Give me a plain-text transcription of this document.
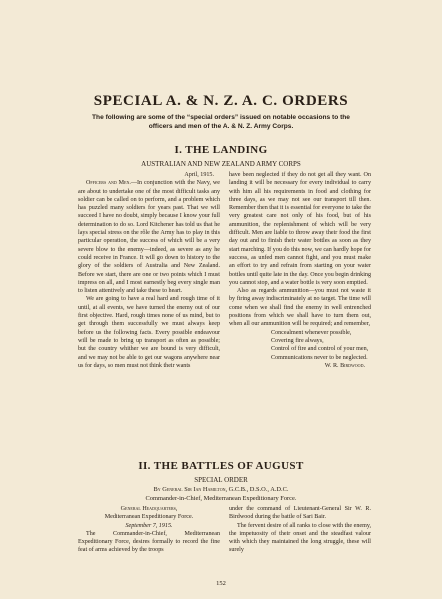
SPECIAL A. & N. Z. A. C. ORDERS

The following are some of the “special orders” issued on notable occasions to the officers and men of the A. & N. Z. Army Corps.

I. THE LANDING
AUSTRALIAN AND NEW ZEALAND ARMY CORPS

April, 1915.

Officers and Men.—In conjunction with the Navy, we are about to undertake one of the most difficult tasks any soldier can be called on to perform, and a problem which has puzzled many soldiers for years past. That we will succeed I have no doubt, simply because I know your full determination to do so. Lord Kitchener has told us that he lays special stress on the rôle the Army has to play in this particular operation, the success of which will be a very severe blow to the enemy—indeed, as severe as any he could receive in France. It will go down to history to the glory of the soldiers of Australia and New Zealand. Before we start, there are one or two points which I must impress on all, and I most earnestly beg every single man to listen attentively and take these to heart.

We are going to have a real hard and rough time of it until, at all events, we have turned the enemy out of our first objective. Hard, rough times none of us mind, but to get through them successfully we must always keep before us the following facts. Every possible endeavour will be made to bring up transport as often as possible; but the country whither we are bound is very difficult, and we may not be able to get our wagons anywhere near us for days, so men must not think their wants

have been neglected if they do not get all they want. On landing it will be necessary for every individual to carry with him all his requirements in food and clothing for three days, as we may not see our transport till then. Remember then that it is essential for everyone to take the very greatest care not only of his food, but of his ammunition, the replenishment of which will be very difficult. Men are liable to throw away their food the first day out and to finish their water bottles as soon as they start marching. If you do this now, we can hardly hope for success, as unfed men cannot fight, and you must make an effort to try and refrain from starting on your water bottles until quite late in the day. Once you begin drinking you cannot stop, and a water bottle is very soon emptied.

Also as regards ammunition—you must not waste it by firing away indiscriminately at no target. The time will come when we shall find the enemy in well entrenched positions from which we shall have to turn them out, when all our ammunition will be required; and remember,

Concealment whenever possible,

Covering fire always,

Control of fire and control of your men,

Communications never to be neglected.

W. R. Birdwood.

II. THE BATTLES OF AUGUST
SPECIAL ORDER
By General Sir Ian Hamilton, G.C.B., D.S.O., A.D.C.
Commander-in-Chief, Mediterranean Expeditionary Force.

General Headquarters,

Mediterranean Expeditionary Force.

September 7, 1915.

The Commander-in-Chief, Mediterranean Expeditionary Force, desires formally to record the fine feat of arms achieved by the troops

under the command of Lieutenant-General Sir W. R. Birdwood during the battle of Sari Bair.

The fervent desire of all ranks to close with the enemy, the impetuosity of their onset and the steadfast valour with which they maintained the long struggle, these will surely

152
